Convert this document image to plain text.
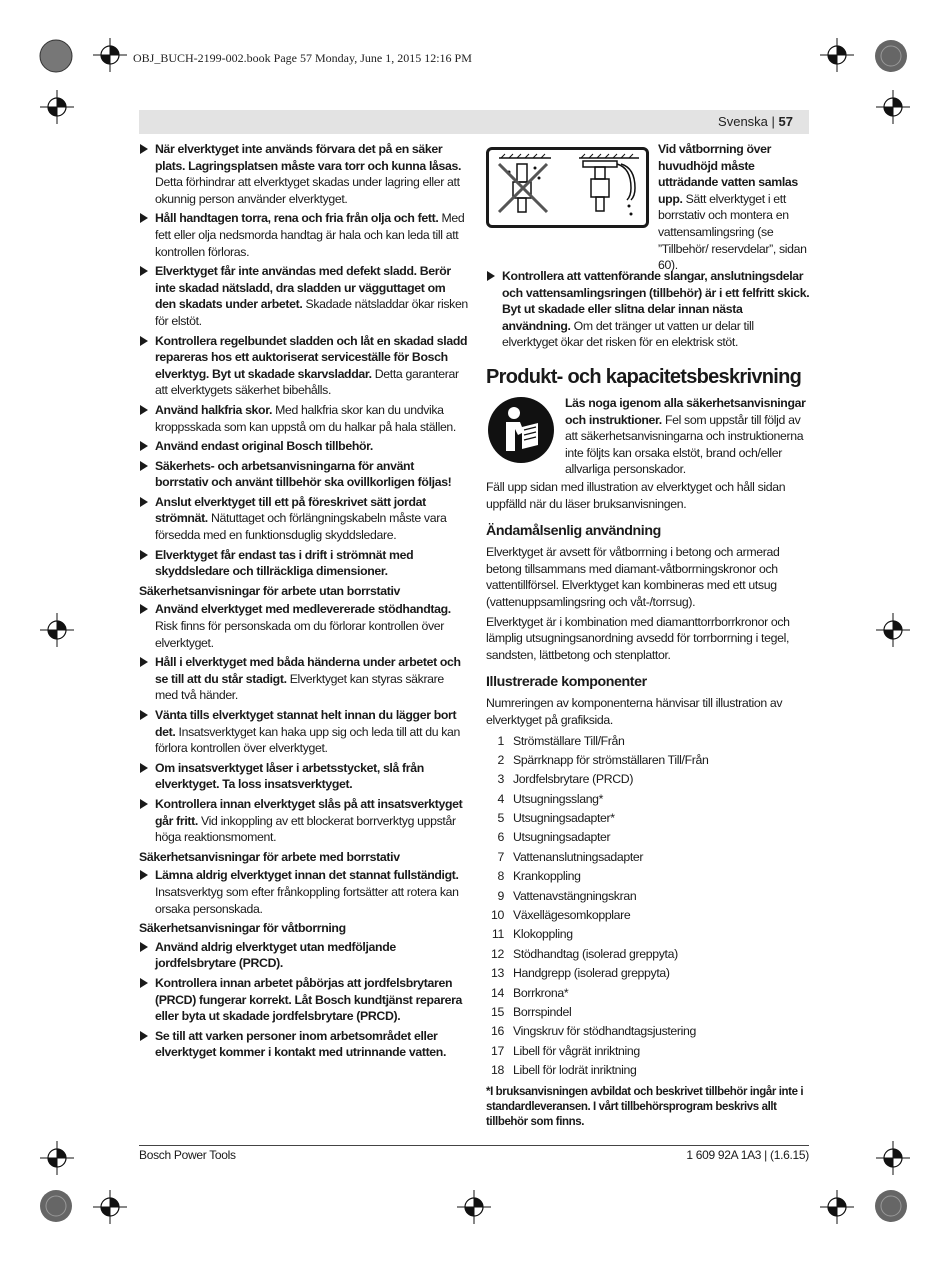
OBJ_BUCH-2199-002.book Page 57 Monday, June 1, 2015 12:16 PM
Svenska | 57
När elverktyget inte används förvara det på en säker plats. Lagringsplatsen måste vara torr och kunna låsas. Detta förhindrar att elverktyget skadas under lagring eller att okunnig person använder elverktyget.
Håll handtagen torra, rena och fria från olja och fett. Med fett eller olja nedsmorda handtag är hala och kan leda till att kontrollen förloras.
Elverktyget får inte användas med defekt sladd. Berör inte skadad nätsladd, dra sladden ur vägguttaget om den skadats under arbetet. Skadade nätsladdar ökar risken för elstöt.
Kontrollera regelbundet sladden och låt en skadad sladd repareras hos ett auktoriserat serviceställe för Bosch elverktyg. Byt ut skadade skarvsladdar. Detta garanterar att elverktygets säkerhet bibehålls.
Använd halkfria skor. Med halkfria skor kan du undvika kroppsskada som kan uppstå om du halkar på hala ställen.
Använd endast original Bosch tillbehör.
Säkerhets- och arbetsanvisningarna för använt borrstativ och använt tillbehör ska ovillkorligen följas!
Anslut elverktyget till ett på föreskrivet sätt jordat strömnät. Nätuttaget och förlängningskabeln måste vara försedda med en funktionsduglig skyddsledare.
Elverktyget får endast tas i drift i strömnät med skyddsledare och tillräckliga dimensioner.
Säkerhetsanvisningar för arbete utan borrstativ
Använd elverktyget med medlevererade stödhandtag. Risk finns för personskada om du förlorar kontrollen över elverktyget.
Håll i elverktyget med båda händerna under arbetet och se till att du står stadigt. Elverktyget kan styras säkrare med två händer.
Vänta tills elverktyget stannat helt innan du lägger bort det. Insatsverktyget kan haka upp sig och leda till att du kan förlora kontrollen över elverktyget.
Om insatsverktyget låser i arbetsstycket, slå från elverktyget. Ta loss insatsverktyget.
Kontrollera innan elverktyget slås på att insatsverktyget går fritt. Vid inkoppling av ett blockerat borrverktyg uppstår höga reaktionsmoment.
Säkerhetsanvisningar för arbete med borrstativ
Lämna aldrig elverktyget innan det stannat fullständigt. Insatsverktyg som efter frånkoppling fortsätter att rotera kan orsaka personskada.
Säkerhetsanvisningar för våtborrning
Använd aldrig elverktyget utan medföljande jordfelsbrytare (PRCD).
Kontrollera innan arbetet påbörjas att jordfelsbrytaren (PRCD) fungerar korrekt. Låt Bosch kundtjänst reparera eller byta ut skadade jordfelsbrytare (PRCD).
Se till att varken personer inom arbetsområdet eller elverktyget kommer i kontakt med utrinnande vatten.
Vid våtborrning över huvudhöjd måste utträdande vatten samlas upp. Sätt elverktyget i ett borrstativ och montera en vattensamlingsring (se ”Tillbehör/ reservdelar”, sidan 60).
Kontrollera att vattenförande slangar, anslutningsdelar och vattensamlingsringen (tillbehör) är i ett felfritt skick. Byt ut skadade eller slitna delar innan nästa användning. Om det tränger ut vatten ur delar till elverktyget ökar det risken för en elektrisk stöt.
Produkt- och kapacitetsbeskrivning
Läs noga igenom alla säkerhetsanvisningar och instruktioner. Fel som uppstår till följd av att säkerhetsanvisningarna och instruktionerna inte följts kan orsaka elstöt, brand och/eller allvarliga personskador.
Fäll upp sidan med illustration av elverktyget och håll sidan uppfälld när du läser bruksanvisningen.
Ändamålsenlig användning
Elverktyget är avsett för våtborrning i betong och armerad betong tillsammans med diamant-våtborrningskronor och vattentillförsel. Elverktyget kan kombineras med ett utsug (vattenuppsamlingsring och våt-/torrsug).
Elverktyget är i kombination med diamanttorrborrkronor och lämplig utsugningsanordning avsedd för torrborrning i tegel, sandsten, lättbetong och stenplattor.
Illustrerade komponenter
Numreringen av komponenterna hänvisar till illustration av elverktyget på grafiksida.
1 Strömställare Till/Från
2 Spärrknapp för strömställaren Till/Från
3 Jordfelsbrytare (PRCD)
4 Utsugningsslang*
5 Utsugningsadapter*
6 Utsugningsadapter
7 Vattenanslutningsadapter
8 Krankoppling
9 Vattenavstängningskran
10 Växellägesomkopplare
11 Klokoppling
12 Stödhandtag (isolerad greppyta)
13 Handgrepp (isolerad greppyta)
14 Borrkrona*
15 Borrspindel
16 Vingskruv för stödhandtagsjustering
17 Libell för vågrät inriktning
18 Libell för lodrät inriktning
*I bruksanvisningen avbildat och beskrivet tillbehör ingår inte i standardleveransen. I vårt tillbehörsprogram beskrivs allt tillbehör som finns.
Bosch Power Tools	1 609 92A 1A3 | (1.6.15)
